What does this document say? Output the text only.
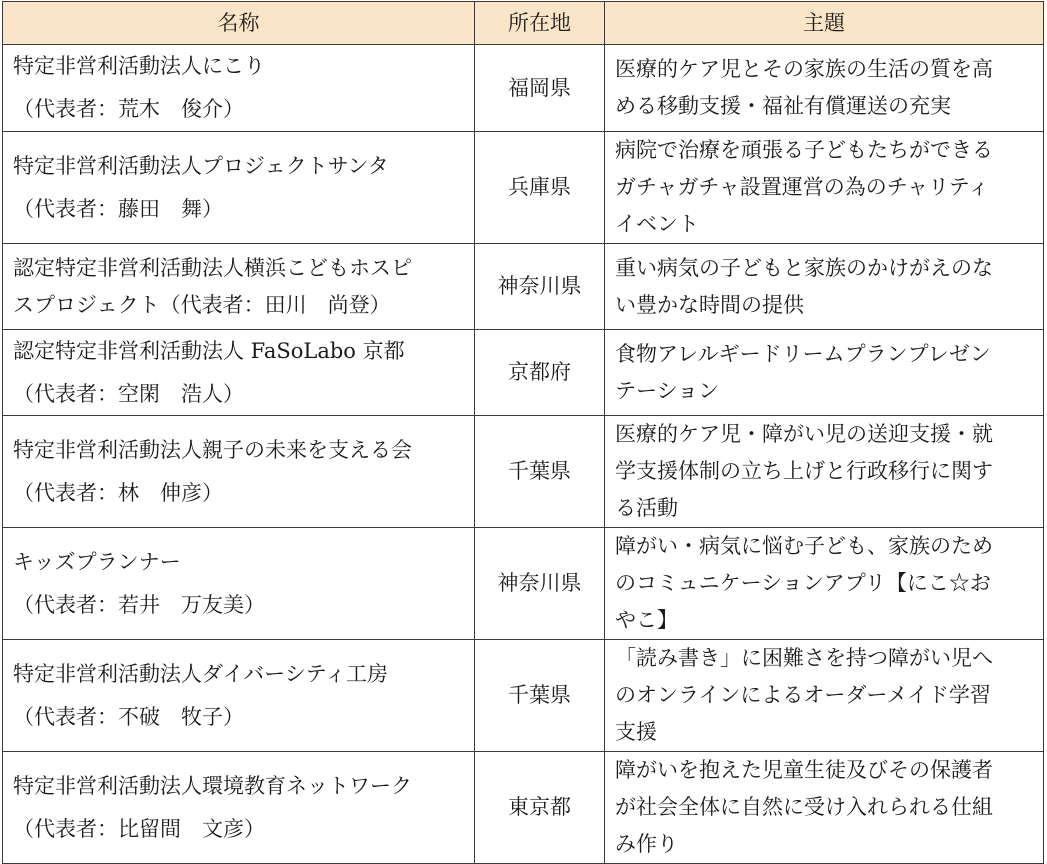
名称	所在地	主題

特定非営利活動法人にこり
（代表者：荒木　俊介）	福岡県	医療的ケア児とその家族の生活の質を高
める移動支援・福祉有償運送の充実

特定非営利活動法人プロジェクトサンタ
（代表者：藤田　舞）	兵庫県	病院で治療を頑張る子どもたちができる
ガチャガチャ設置運営の為のチャリティ
イベント

認定特定非営利活動法人横浜こどもホスピ
スプロジェクト（代表者：田川　尚登）	神奈川県	重い病気の子どもと家族のかけがえのな
い豊かな時間の提供

認定特定非営利活動法人 FaSoLabo 京都
（代表者：空閑　浩人）	京都府	食物アレルギードリームプランプレゼン
テーション

特定非営利活動法人親子の未来を支える会
（代表者：林　伸彦）	千葉県	医療的ケア児・障がい児の送迎支援・就
学支援体制の立ち上げと行政移行に関す
る活動

キッズプランナー
（代表者：若井　万友美）	神奈川県	障がい・病気に悩む子ども、家族のため
のコミュニケーションアプリ【にこ☆お
やこ】

特定非営利活動法人ダイバーシティ工房
（代表者：不破　牧子）	千葉県	「読み書き」に困難さを持つ障がい児へ
のオンラインによるオーダーメイド学習
支援

特定非営利活動法人環境教育ネットワーク
（代表者：比留間　文彦）	東京都	障がいを抱えた児童生徒及びその保護者
が社会全体に自然に受け入れられる仕組
み作り
